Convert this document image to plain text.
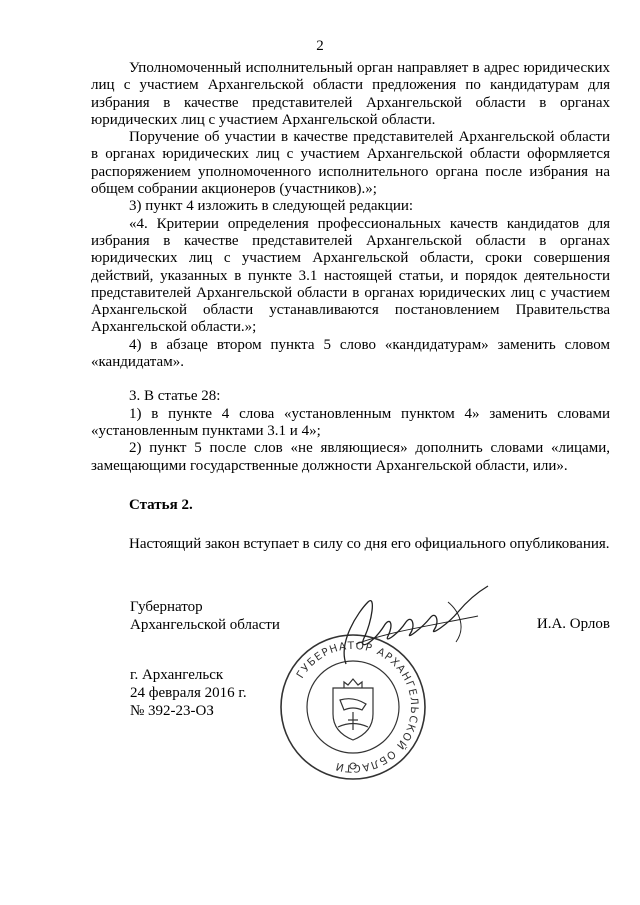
2

Уполномоченный исполнительный орган направляет в адрес юридических лиц с участием Архангельской области предложения по кандидатурам для избрания в качестве представителей Архангельской области в органах юридических лиц с участием Архангельской области.

Поручение об участии в качестве представителей Архангельской области в органах юридических лиц с участием Архангельской области оформляется распоряжением уполномоченного исполнительного органа после избрания на общем собрании акционеров (участников).»;

3) пункт 4 изложить в следующей редакции:

«4. Критерии определения профессиональных качеств кандидатов для избрания в качестве представителей Архангельской области в органах юридических лиц с участием Архангельской области, сроки совершения действий, указанных в пункте 3.1 настоящей статьи, и порядок деятельности представителей Архангельской области в органах юридических лиц с участием Архангельской области устанавливаются постановлением Правительства Архангельской области.»;

4) в абзаце втором пункта 5 слово «кандидатурам» заменить словом «кандидатам».

3. В статье 28:

1) в пункте 4 слова «установленным пунктом 4» заменить словами «установленным пунктами 3.1 и 4»;

2) пункт 5 после слов «не являющиеся» дополнить словами «лицами, замещающими государственные должности Архангельской области, или».

Статья 2.

Настоящий закон вступает в силу со дня его официального опубликования.

Губернатор
Архангельской области	И.А. Орлов
ГУБЕРНАТОР АРХАНГЕЛЬСКОЙ ОБЛАСТИ
г. Архангельск
24 февраля 2016 г.
№ 392-23-ОЗ
